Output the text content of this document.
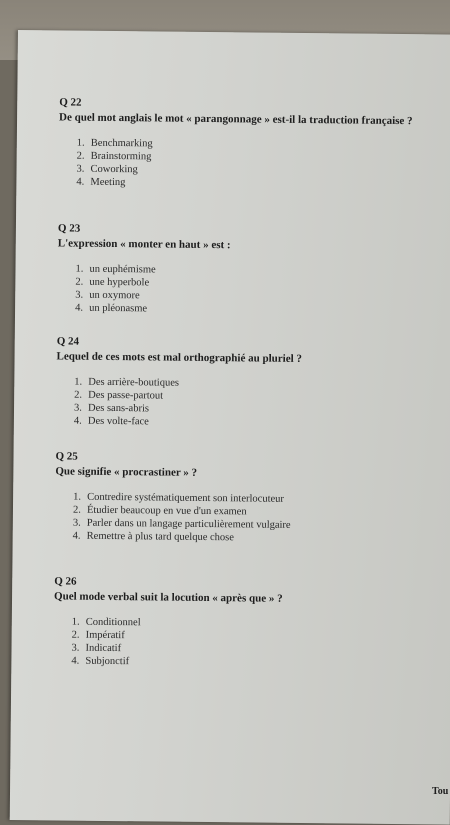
Q 22
De quel mot anglais le mot « parangonnage » est-il la traduction française ?
1. Benchmarking
2. Brainstorming
3. Coworking
4. Meeting
Q 23
L'expression « monter en haut » est :
1. un euphémisme
2. une hyperbole
3. un oxymore
4. un pléonasme
Q 24
Lequel de ces mots est mal orthographié au pluriel ?
1. Des arrière-boutiques
2. Des passe-partout
3. Des sans-abris
4. Des volte-face
Q 25
Que signifie « procrastiner » ?
1. Contredire systématiquement son interlocuteur
2. Étudier beaucoup en vue d'un examen
3. Parler dans un langage particulièrement vulgaire
4. Remettre à plus tard quelque chose
Q 26
Quel mode verbal suit la locution « après que » ?
1. Conditionnel
2. Impératif
3. Indicatif
4. Subjonctif
Tou
